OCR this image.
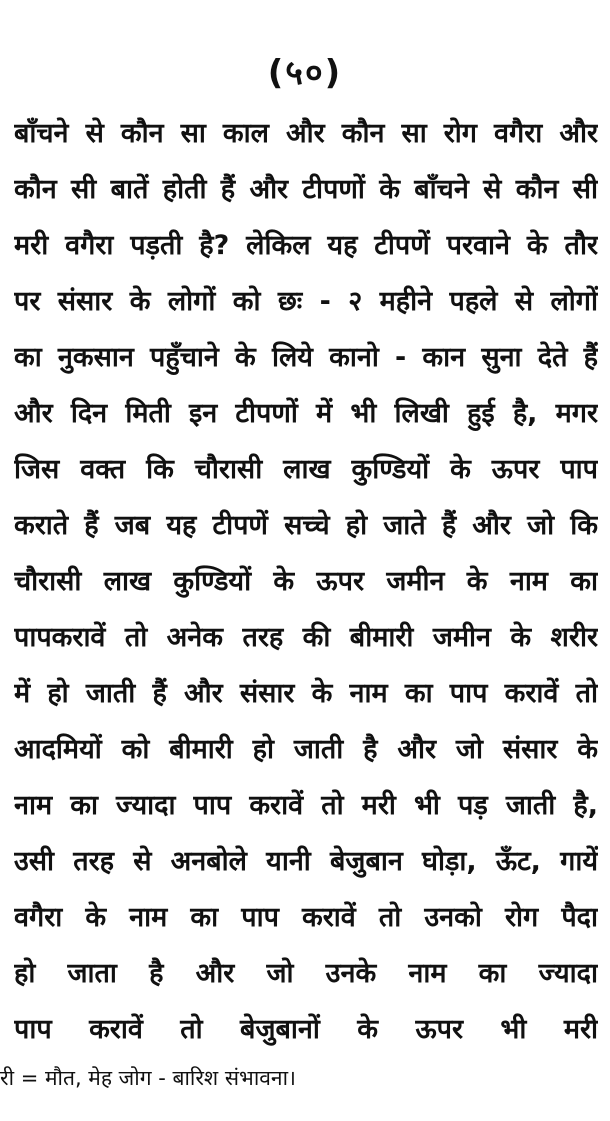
(५०)
बाँचने से कौन सा काल और कौन सा रोग वगैरा और
कौन सी बातें होती हैं और टीपणों के बाँचने से कौन सी
मरी वगैरा पड़ती है? लेकिल यह टीपणें परवाने के तौर
पर संसार के लोगों को छः - २ महीने पहले से लोगों
का नुकसान पहुँचाने के लिये कानो - कान सुना देते हैं
और दिन मिती इन टीपणों में भी लिखी हुई है, मगर
जिस वक्त कि चौरासी लाख कुण्डियों के ऊपर पाप
कराते हैं जब यह टीपणें सच्चे हो जाते हैं और जो कि
चौरासी लाख कुण्डियों के ऊपर जमीन के नाम का
पापकरावें तो अनेक तरह की बीमारी जमीन के शरीर
में हो जाती हैं और संसार के नाम का पाप करावें तो
आदमियों को बीमारी हो जाती है और जो संसार के
नाम का ज्यादा पाप करावें तो मरी भी पड़ जाती है,
उसी तरह से अनबोले यानी बेजुबान घोड़ा, ऊँट, गायें
वगैरा के नाम का पाप करावें तो उनको रोग पैदा
हो जाता है और जो उनके नाम का ज्यादा
पाप करावें तो बेजुबानों के ऊपर भी मरी
री = मौत, मेह जोग - बारिश संभावना।
